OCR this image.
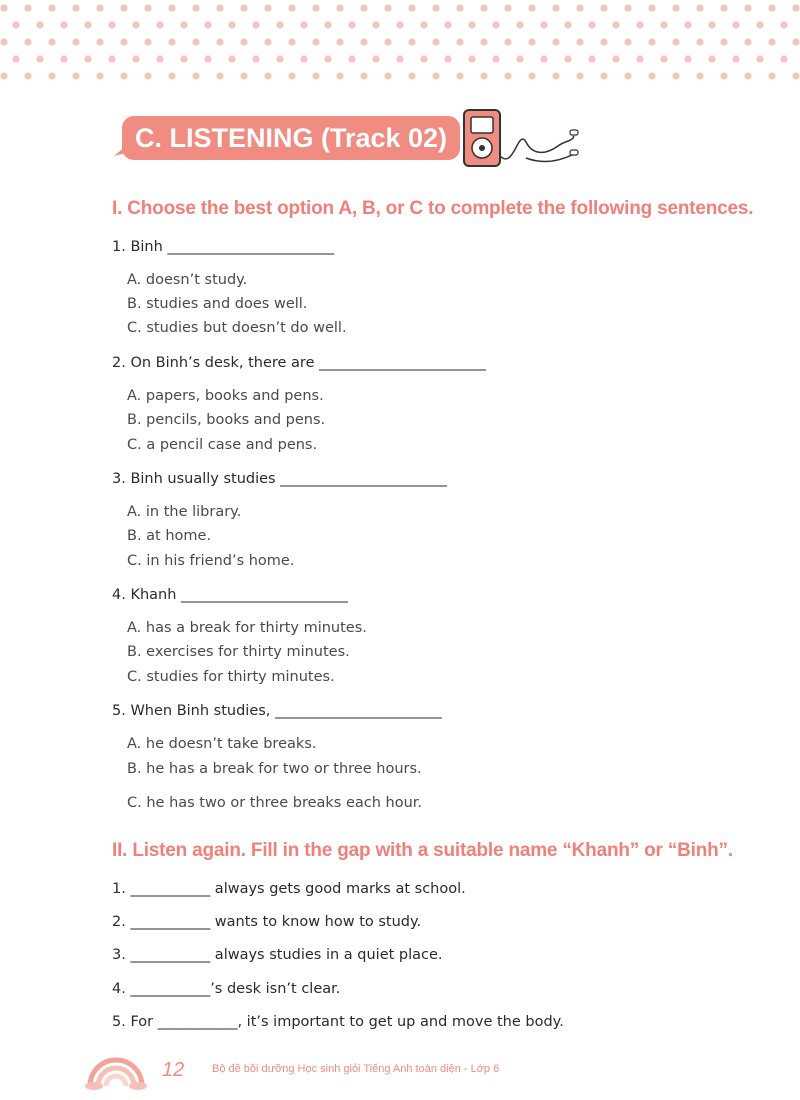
C. LISTENING (Track 02)
I. Choose the best option A, B, or C to complete the following sentences.
1. Binh _______________________
A. doesn’t study.
B. studies and does well.
C. studies but doesn’t do well.
2. On Binh’s desk, there are _______________________
A. papers, books and pens.
B. pencils, books and pens.
C. a pencil case and pens.
3. Binh usually studies _______________________
A. in the library.
B. at home.
C. in his friend’s home.
4. Khanh _______________________
A. has a break for thirty minutes.
B. exercises for thirty minutes.
C. studies for thirty minutes.
5. When Binh studies, _______________________
A. he doesn’t take breaks.
B. he has a break for two or three hours.
C. he has two or three breaks each hour.
II. Listen again. Fill in the gap with a suitable name “Khanh” or “Binh”.
1. ___________ always gets good marks at school.
2. ___________ wants to know how to study.
3. ___________ always studies in a quiet place.
4. ___________’s desk isn’t clear.
5. For ___________, it’s important to get up and move the body.
12	Bộ đề bồi dưỡng Học sinh giỏi Tiếng Anh toàn diện - Lớp 6
